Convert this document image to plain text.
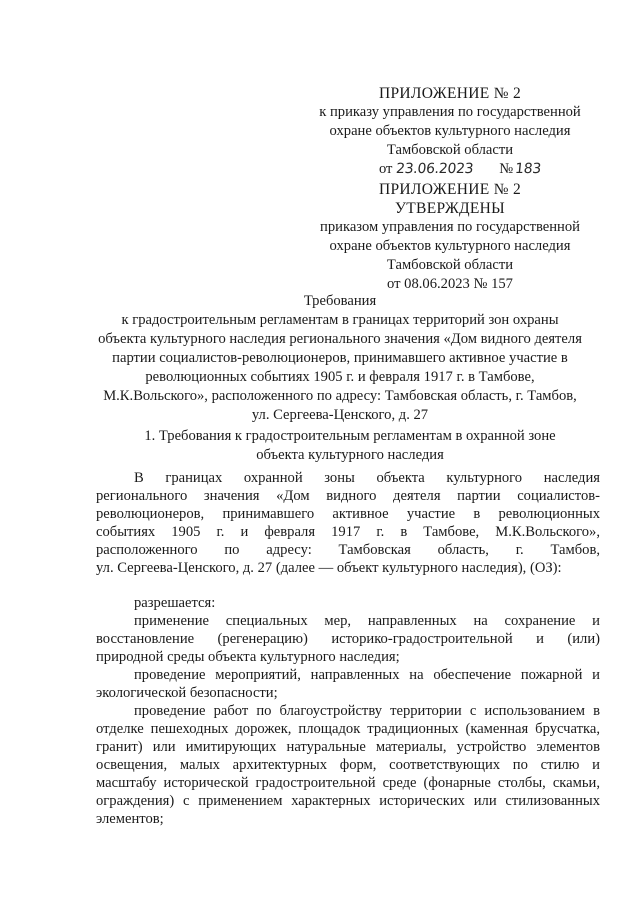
ПРИЛОЖЕНИЕ № 2
к приказу управления по государственной
охране объектов культурного наследия
Тамбовской области
от 23.06.2023 №183
ПРИЛОЖЕНИЕ № 2
УТВЕРЖДЕНЫ
приказом управления по государственной
охране объектов культурного наследия
Тамбовской области
от 08.06.2023 № 157
Требования
к градостроительным регламентам в границах территорий зон охраны
объекта культурного наследия регионального значения «Дом видного деятеля
партии социалистов-революционеров, принимавшего активное участие в
революционных событиях 1905 г. и февраля 1917 г. в Тамбове,
М.К.Вольского», расположенного по адресу: Тамбовская область, г. Тамбов,
ул. Сергеева-Ценского, д. 27
1. Требования к градостроительным регламентам в охранной зоне
объекта культурного наследия
В границах охранной зоны объекта культурного наследия
регионального значения «Дом видного деятеля партии социалистов-
революционеров, принимавшего активное участие в революционных
событиях 1905 г. и февраля 1917 г. в Тамбове, М.К.Вольского»,
расположенного по адресу: Тамбовская область, г. Тамбов,
ул. Сергеева-Ценского, д. 27 (далее — объект культурного наследия), (ОЗ):
разрешается:
применение специальных мер, направленных на сохранение и
восстановление (регенерацию) историко-градостроительной и (или)
природной среды объекта культурного наследия;
проведение мероприятий, направленных на обеспечение пожарной и
экологической безопасности;
проведение работ по благоустройству территории с использованием в
отделке пешеходных дорожек, площадок традиционных (каменная брусчатка,
гранит) или имитирующих натуральные материалы, устройство элементов
освещения, малых архитектурных форм, соответствующих по стилю и
масштабу исторической градостроительной среде (фонарные столбы, скамьи,
ограждения) с применением характерных исторических или стилизованных
элементов;
